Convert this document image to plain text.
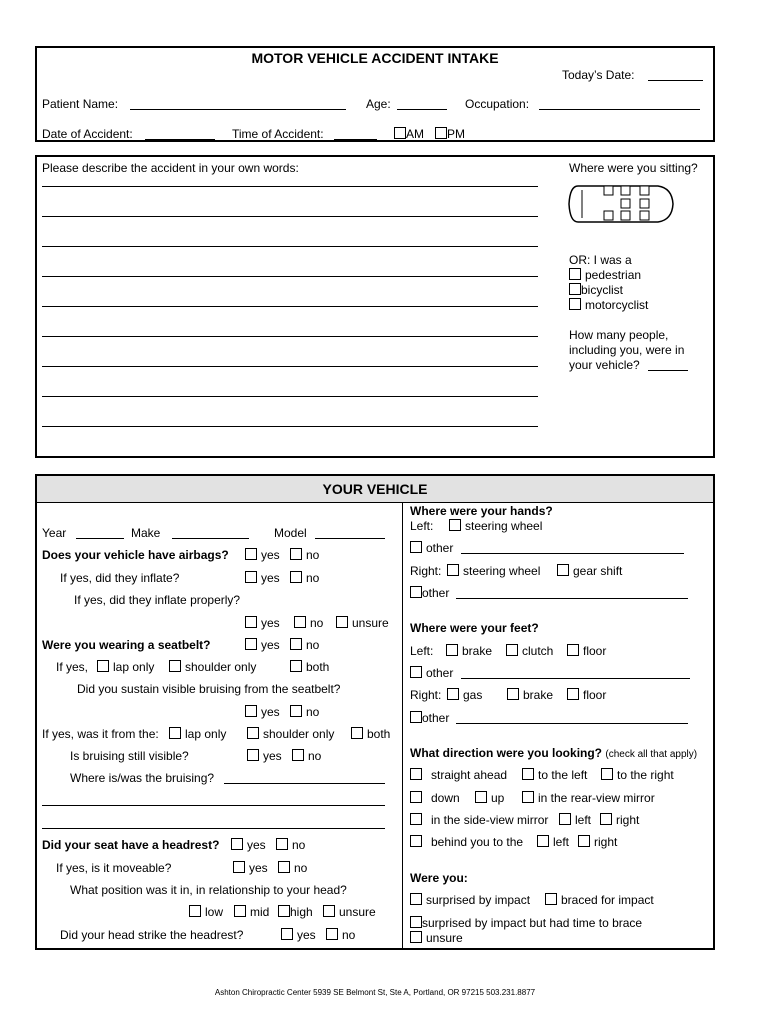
MOTOR VEHICLE ACCIDENT INTAKE
Today’s Date:
Patient Name:	Age:	Occupation:
Date of Accident:	Time of Accident:	AM	PM
Please describe the accident in your own words:	Where were you sitting?
OR: I was a
pedestrian
bicyclist
motorcyclist
How many people,
including you, were in
your vehicle?
YOUR VEHICLE
Year	Make	Model
Does your vehicle have airbags?	yes	no
If yes, did they inflate?	yes	no
If yes, did they inflate properly?
yes	no	unsure
Were you wearing a seatbelt?	yes	no
If yes,	lap only	shoulder only	both
Did you sustain visible bruising from the seatbelt?
yes	no
If yes, was it from the:	lap only	shoulder only	both
Is bruising still visible?	yes	no
Where is/was the bruising?
Did your seat have a headrest?	yes	no
If yes, is it moveable?	yes	no
What position was it in, in relationship to your head?
low	mid	high	unsure
Did your head strike the headrest?	yes	no
Where were your hands?
Left:	steering wheel
other
Right:	steering wheel	gear shift
other
Where were your feet?
Left:	brake	clutch	floor
other
Right:	gas	brake	floor
other
What direction were you looking? (check all that apply)
straight ahead	to the left	to the right
down	up	in the rear-view mirror
in the side-view mirror	left	right
behind you to the	left	right
Were you:
surprised by impact	braced for impact
surprised by impact but had time to brace
unsure
Ashton Chiropractic Center 5939 SE Belmont St, Ste A, Portland, OR 97215 503.231.8877
